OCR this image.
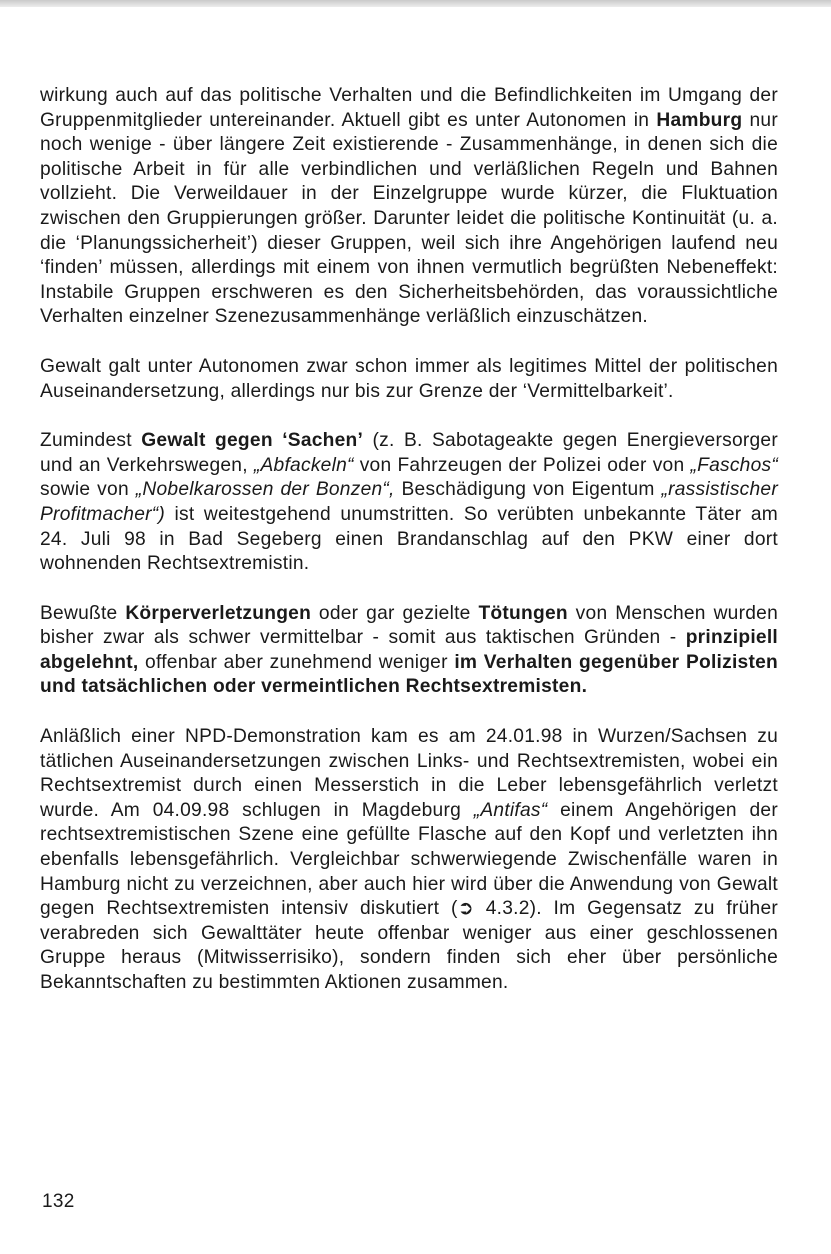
wirkung auch auf das politische Verhalten und die Befindlichkeiten im Umgang der Gruppenmitglieder untereinander. Aktuell gibt es unter Autonomen in Hamburg nur noch wenige - über längere Zeit existierende - Zusammenhänge, in denen sich die politische Arbeit in für alle verbindlichen und verläßlichen Regeln und Bahnen vollzieht. Die Verweildauer in der Einzelgruppe wurde kürzer, die Fluktuation zwischen den Gruppierungen größer. Darunter leidet die politische Kontinuität (u. a. die ‘Planungssicherheit’) dieser Gruppen, weil sich ihre Angehörigen laufend neu ‘finden’ müssen, allerdings mit einem von ihnen vermutlich begrüßten Nebeneffekt: Instabile Gruppen erschweren es den Sicherheitsbehörden, das voraussichtliche Verhalten einzelner Szenezusammenhänge verläßlich einzuschätzen.

Gewalt galt unter Autonomen zwar schon immer als legitimes Mittel der politischen Auseinandersetzung, allerdings nur bis zur Grenze der ‘Vermittelbarkeit’.

Zumindest Gewalt gegen ‘Sachen’ (z. B. Sabotageakte gegen Energieversorger und an Verkehrswegen, „Abfackeln“ von Fahrzeugen der Polizei oder von „Faschos“ sowie von „Nobelkarossen der Bonzen“, Beschädigung von Eigentum „rassistischer Profitmacher“) ist weitestgehend unumstritten. So verübten unbekannte Täter am 24. Juli 98 in Bad Segeberg einen Brandanschlag auf den PKW einer dort wohnenden Rechtsextremistin.

Bewußte Körperverletzungen oder gar gezielte Tötungen von Menschen wurden bisher zwar als schwer vermittelbar - somit aus taktischen Gründen - prinzipiell abgelehnt, offenbar aber zunehmend weniger im Verhalten gegenüber Polizisten und tatsächlichen oder vermeintlichen Rechtsextremisten.

Anläßlich einer NPD-Demonstration kam es am 24.01.98 in Wurzen/Sachsen zu tätlichen Auseinandersetzungen zwischen Links- und Rechtsextremisten, wobei ein Rechtsextremist durch einen Messerstich in die Leber lebensgefährlich verletzt wurde. Am 04.09.98 schlugen in Magdeburg „Antifas“ einem Angehörigen der rechtsextremistischen Szene eine gefüllte Flasche auf den Kopf und verletzten ihn ebenfalls lebensgefährlich. Vergleichbar schwerwiegende Zwischenfälle waren in Hamburg nicht zu verzeichnen, aber auch hier wird über die Anwendung von Gewalt gegen Rechtsextremisten intensiv diskutiert (➲ 4.3.2). Im Gegensatz zu früher verabreden sich Gewalttäter heute offenbar weniger aus einer geschlossenen Gruppe heraus (Mitwisserrisiko), sondern finden sich eher über persönliche Bekanntschaften zu bestimmten Aktionen zusammen.

132
